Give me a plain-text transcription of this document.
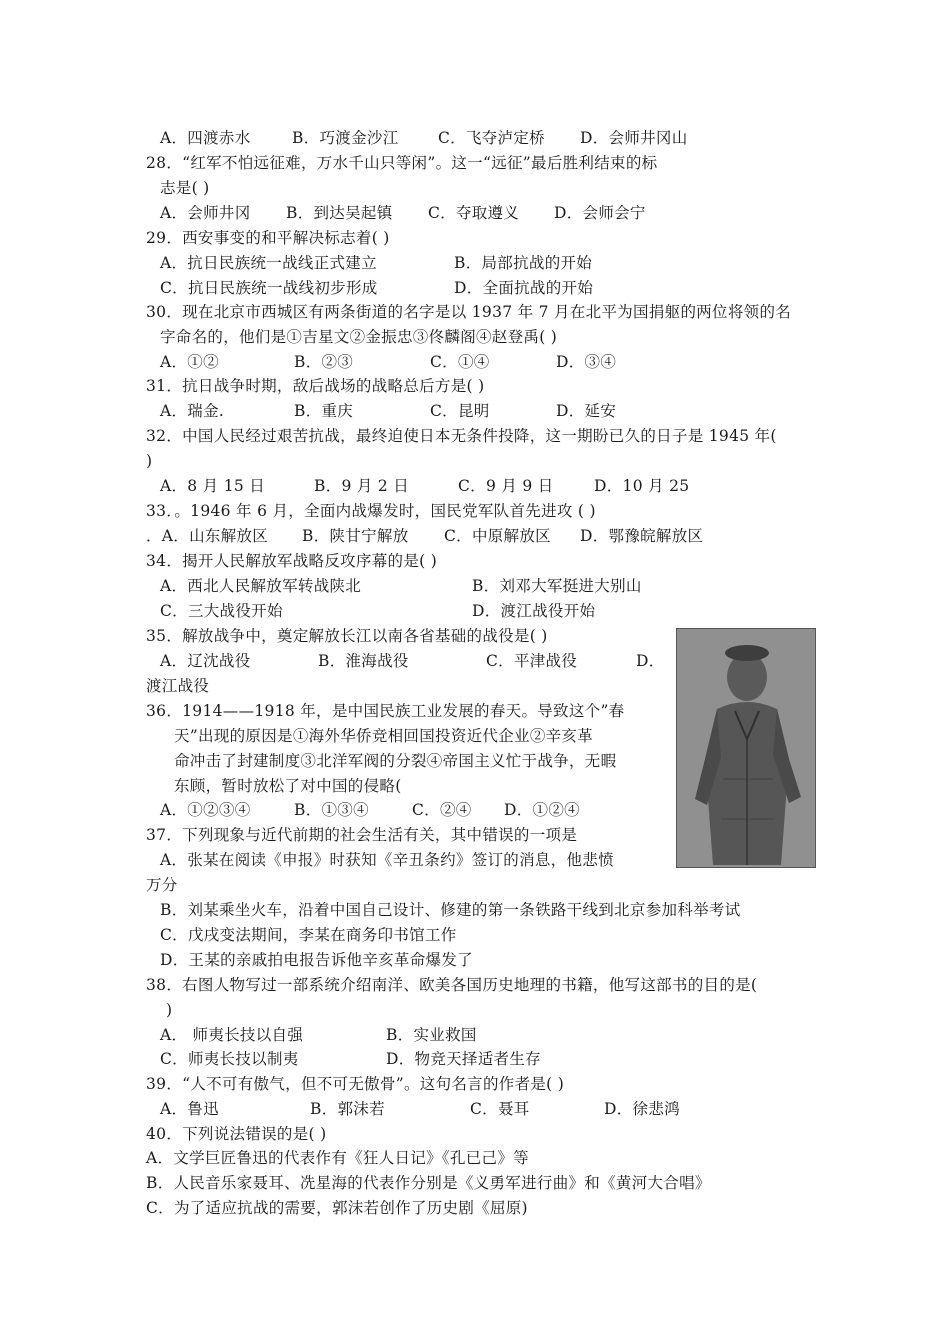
A．四渡赤水	B．巧渡金沙江	C．飞夺泸定桥 D．会师井冈山
28．“红军不怕远征难，万水千山只等闲”。这一“远征”最后胜利结束的标
志是( )
A．会师井冈 B．到达吴起镇 C．夺取遵义 D．会师会宁
29．西安事变的和平解决标志着( )
A．抗日民族统一战线正式建立	B．局部抗战的开始
C．抗日民族统一战线初步形成	D．全面抗战的开始
30．现在北京市西城区有两条街道的名字是以 1937 年 7 月在北平为国捐躯的两位将领的名
字命名的，他们是①吉星文②金振忠③佟麟阁④赵登禹( )
A．①②	B．②③	C．①④	D．③④
31．抗日战争时期，敌后战场的战略总后方是( )
A．瑞金.	B．重庆	C．昆明	D．延安
32．中国人民经过艰苦抗战，最终迫使日本无条件投降，这一期盼已久的日子是 1945 年(
)
A．8 月 15 日	B．9 月 2 日	C．9 月 9 日	D．10 月 25
33．。1946 年 6 月，全面内战爆发时，国民党军队首先进攻 ( )
．A．山东解放区 B．陕甘宁解放 C．中原解放区 D．鄂豫皖解放区
34．揭开人民解放军战略反攻序幕的是( )
A．西北人民解放军转战陕北	B．刘邓大军挺进大别山
C．三大战役开始	D．渡江战役开始
35．解放战争中，奠定解放长江以南各省基础的战役是( )
A．辽沈战役	B．淮海战役	C．平津战役	D．
渡江战役
36．1914——1918 年，是中国民族工业发展的春天。导致这个”春
天”出现的原因是①海外华侨竞相回国投资近代企业②辛亥革
命冲击了封建制度③北洋军阀的分裂④帝国主义忙于战争，无暇
东顾，暂时放松了对中国的侵略(
A．①②③④	B．①③④	C．②④ D．①②④
37．下列现象与近代前期的社会生活有关，其中错误的一项是
A．张某在阅读《申报》时获知《辛丑条约》签订的消息，他悲愤
万分
B．刘某乘坐火车，沿着中国自己设计、修建的第一条铁路干线到北京参加科举考试
C．戊戌变法期间，李某在商务印书馆工作
D．王某的亲戚拍电报告诉他辛亥革命爆发了
38．右图人物写过一部系统介绍南洋、欧美各国历史地理的书籍，他写这部书的目的是(
)
A． 师夷长技以自强	B．实业救国
C．师夷长技以制夷	D．物竞天择适者生存
39．“人不可有傲气，但不可无傲骨”。这句名言的作者是( )
A．鲁迅	B．郭沫若	C．聂耳	D．徐悲鸿
40．下列说法错误的是( )
A．文学巨匠鲁迅的代表作有《狂人日记》《孔已己》等
B．人民音乐家聂耳、冼星海的代表作分别是《义勇军进行曲》和《黄河大合唱》
C．为了适应抗战的需要，郭沫若创作了历史剧《屈原)
